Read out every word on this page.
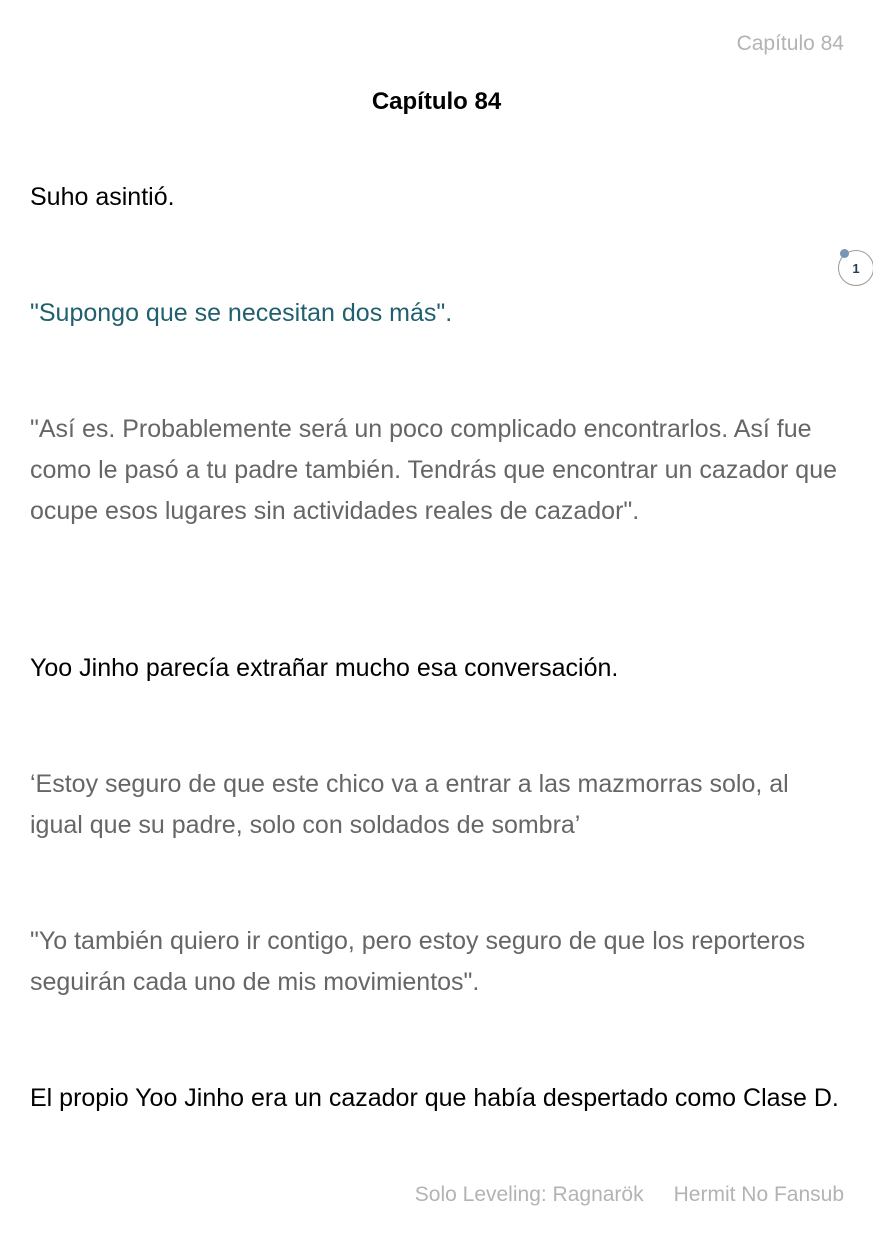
Capítulo 84
Capítulo 84

Suho asintió.

"Supongo que se necesitan dos más".

"Así es. Probablemente será un poco complicado encontrarlos. Así fue como le pasó a tu padre también. Tendrás que encontrar un cazador que ocupe esos lugares sin actividades reales de cazador".

Yoo Jinho parecía extrañar mucho esa conversación.

‘Estoy seguro de que este chico va a entrar a las mazmorras solo, al igual que su padre, solo con soldados de sombra’

"Yo también quiero ir contigo, pero estoy seguro de que los reporteros seguirán cada uno de mis movimientos".

El propio Yoo Jinho era un cazador que había despertado como Clase D.

1
Solo Leveling: Ragnarök Hermit No Fansub
